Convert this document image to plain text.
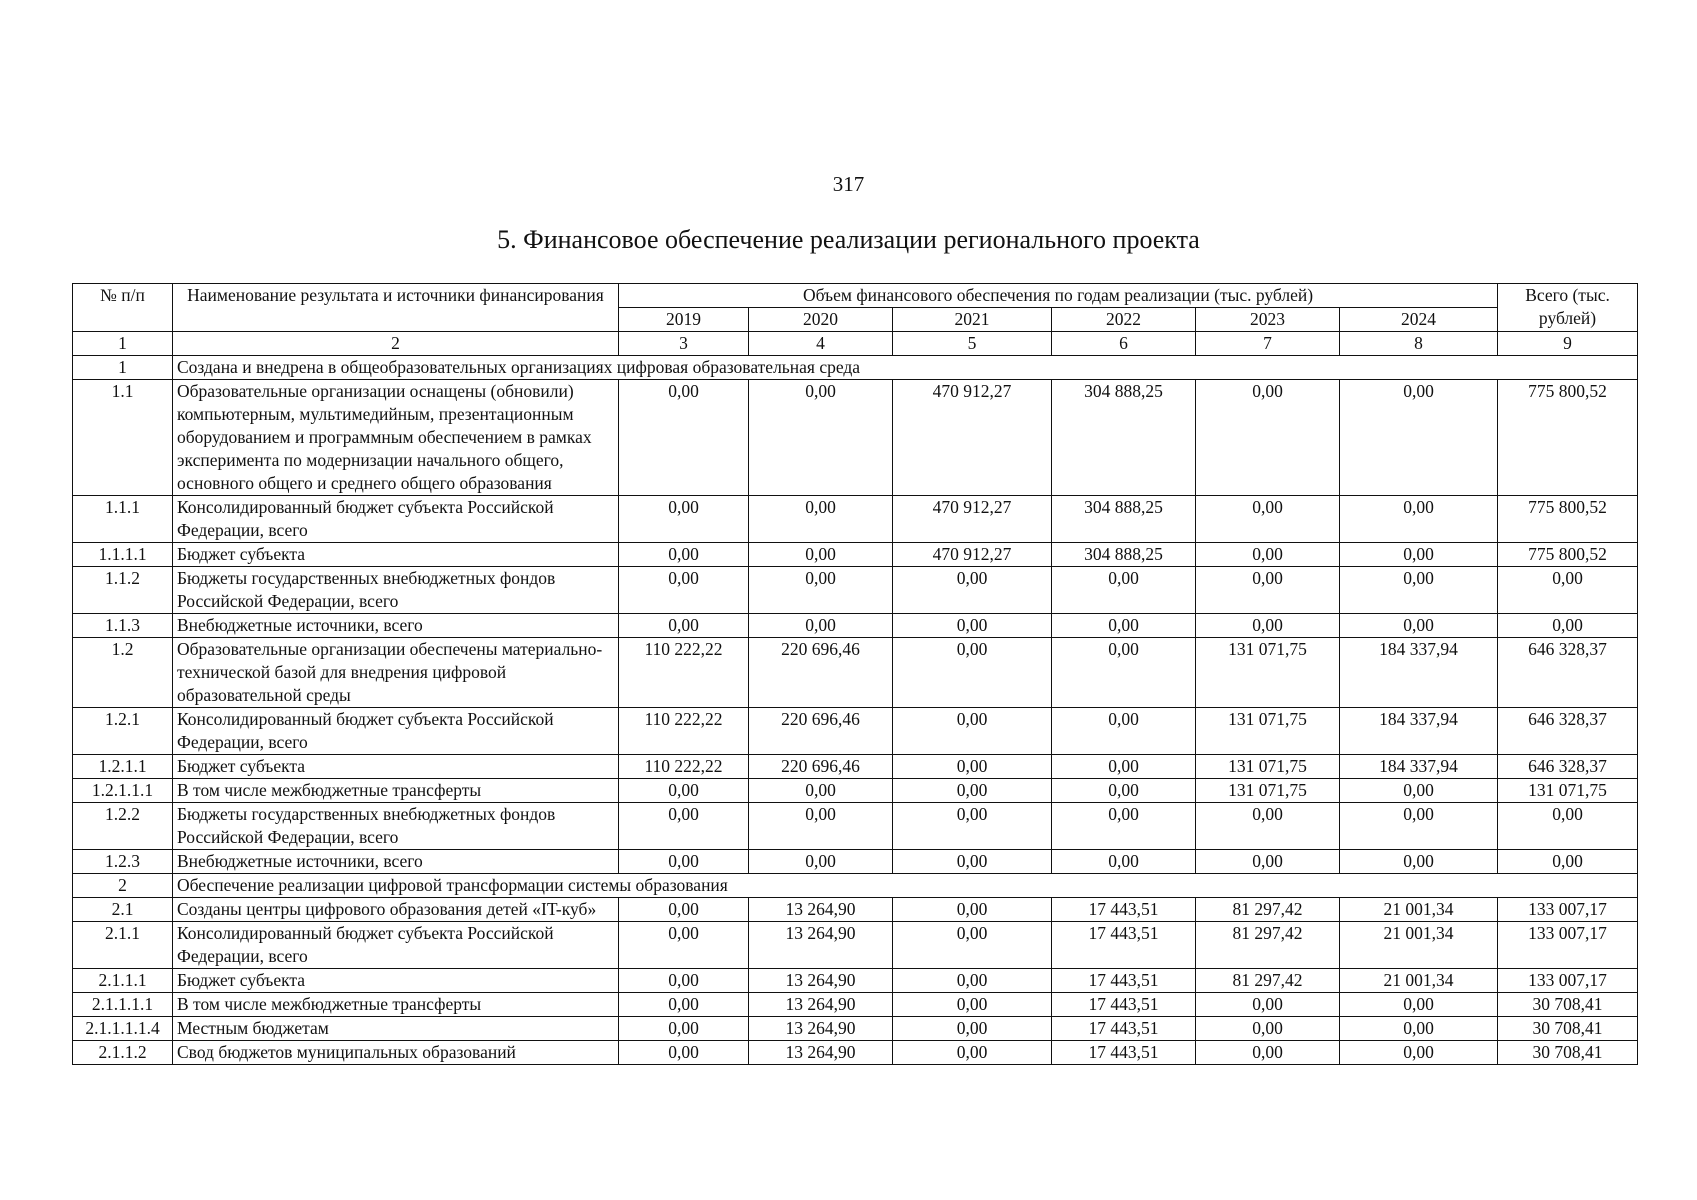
317
5. Финансовое обеспечение реализации регионального проекта
№ п/п	Наименование результата и источники финансирования	Объем финансового обеспечения по годам реализации (тыс. рублей)						Всего (тыс. рублей)
		2019	2020	2021	2022	2023	2024	
1	2	3	4	5	6	7	8	9
1	Создана и внедрена в общеобразовательных организациях цифровая образовательная среда							
1.1	Образовательные организации оснащены (обновили) компьютерным, мультимедийным, презентационным оборудованием и программным обеспечением в рамках эксперимента по модернизации начального общего, основного общего и среднего общего образования	0,00	0,00	470 912,27	304 888,25	0,00	0,00	775 800,52
1.1.1	Консолидированный бюджет субъекта Российской Федерации, всего	0,00	0,00	470 912,27	304 888,25	0,00	0,00	775 800,52
1.1.1.1	Бюджет субъекта	0,00	0,00	470 912,27	304 888,25	0,00	0,00	775 800,52
1.1.2	Бюджеты государственных внебюджетных фондов Российской Федерации, всего	0,00	0,00	0,00	0,00	0,00	0,00	0,00
1.1.3	Внебюджетные источники, всего	0,00	0,00	0,00	0,00	0,00	0,00	0,00
1.2	Образовательные организации обеспечены материально-технической базой для внедрения цифровой образовательной среды	110 222,22	220 696,46	0,00	0,00	131 071,75	184 337,94	646 328,37
1.2.1	Консолидированный бюджет субъекта Российской Федерации, всего	110 222,22	220 696,46	0,00	0,00	131 071,75	184 337,94	646 328,37
1.2.1.1	Бюджет субъекта	110 222,22	220 696,46	0,00	0,00	131 071,75	184 337,94	646 328,37
1.2.1.1.1	В том числе межбюджетные трансферты	0,00	0,00	0,00	0,00	131 071,75	0,00	131 071,75
1.2.2	Бюджеты государственных внебюджетных фондов Российской Федерации, всего	0,00	0,00	0,00	0,00	0,00	0,00	0,00
1.2.3	Внебюджетные источники, всего	0,00	0,00	0,00	0,00	0,00	0,00	0,00
2	Обеспечение реализации цифровой трансформации системы образования							
2.1	Созданы центры цифрового образования детей «IT-куб»	0,00	13 264,90	0,00	17 443,51	81 297,42	21 001,34	133 007,17
2.1.1	Консолидированный бюджет субъекта Российской Федерации, всего	0,00	13 264,90	0,00	17 443,51	81 297,42	21 001,34	133 007,17
2.1.1.1	Бюджет субъекта	0,00	13 264,90	0,00	17 443,51	81 297,42	21 001,34	133 007,17
2.1.1.1.1	В том числе межбюджетные трансферты	0,00	13 264,90	0,00	17 443,51	0,00	0,00	30 708,41
2.1.1.1.1.4	Местным бюджетам	0,00	13 264,90	0,00	17 443,51	0,00	0,00	30 708,41
2.1.1.2	Свод бюджетов муниципальных образований	0,00	13 264,90	0,00	17 443,51	0,00	0,00	30 708,41
